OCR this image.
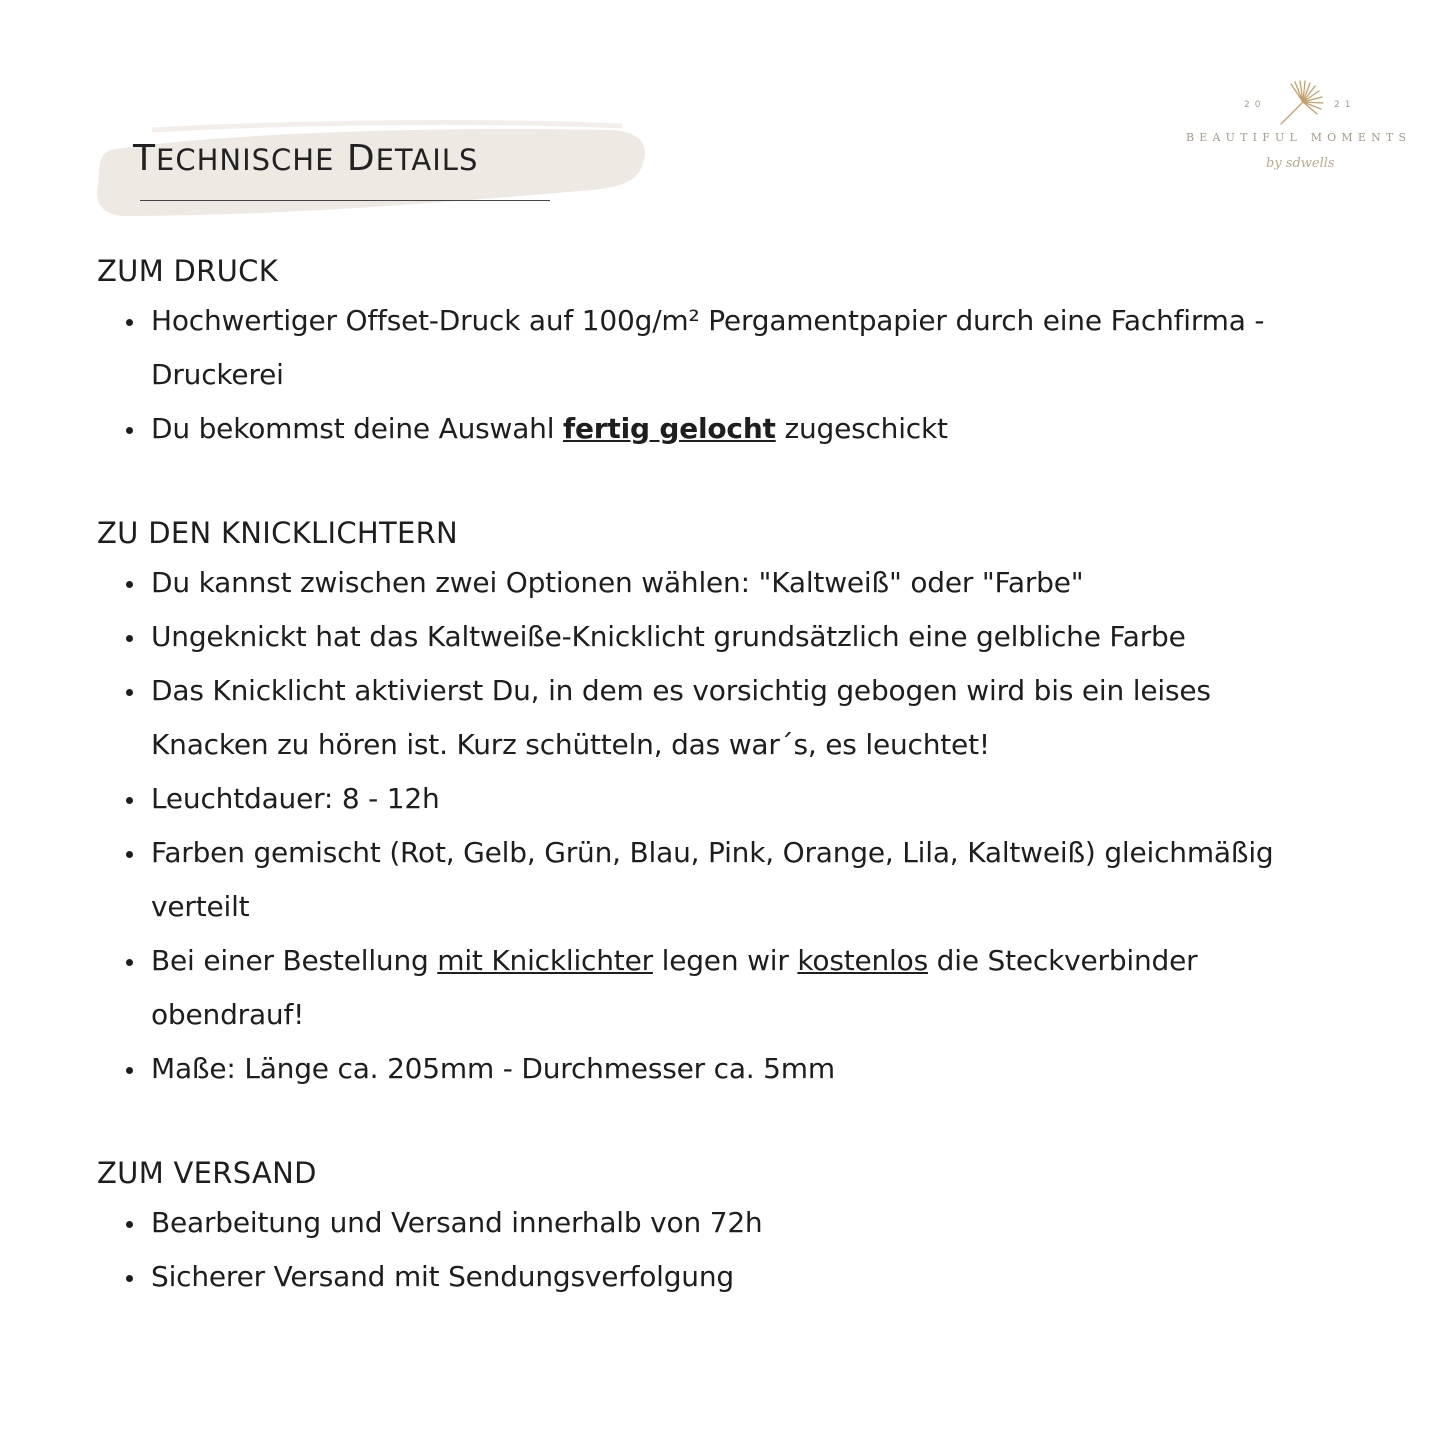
TECHNISCHE DETAILS
20	21
BEAUTIFUL MOMENTS
by sdwells
ZUM DRUCK
Hochwertiger Offset-Druck auf 100g/m² Pergamentpapier durch eine Fachfirma - Druckerei
Du bekommst deine Auswahl fertig gelocht zugeschickt
ZU DEN KNICKLICHTERN
Du kannst zwischen zwei Optionen wählen: "Kaltweiß" oder "Farbe"
Ungeknickt hat das Kaltweiße-Knicklicht grundsätzlich eine gelbliche Farbe
Das Knicklicht aktivierst Du, in dem es vorsichtig gebogen wird bis ein leises Knacken zu hören ist. Kurz schütteln, das war´s, es leuchtet!
Leuchtdauer: 8 - 12h
Farben gemischt (Rot, Gelb, Grün, Blau, Pink, Orange, Lila, Kaltweiß) gleichmäßig verteilt
Bei einer Bestellung mit Knicklichter legen wir kostenlos die Steckverbinder obendrauf!
Maße: Länge ca. 205mm - Durchmesser ca. 5mm
ZUM VERSAND
Bearbeitung und Versand innerhalb von 72h
Sicherer Versand mit Sendungsverfolgung
